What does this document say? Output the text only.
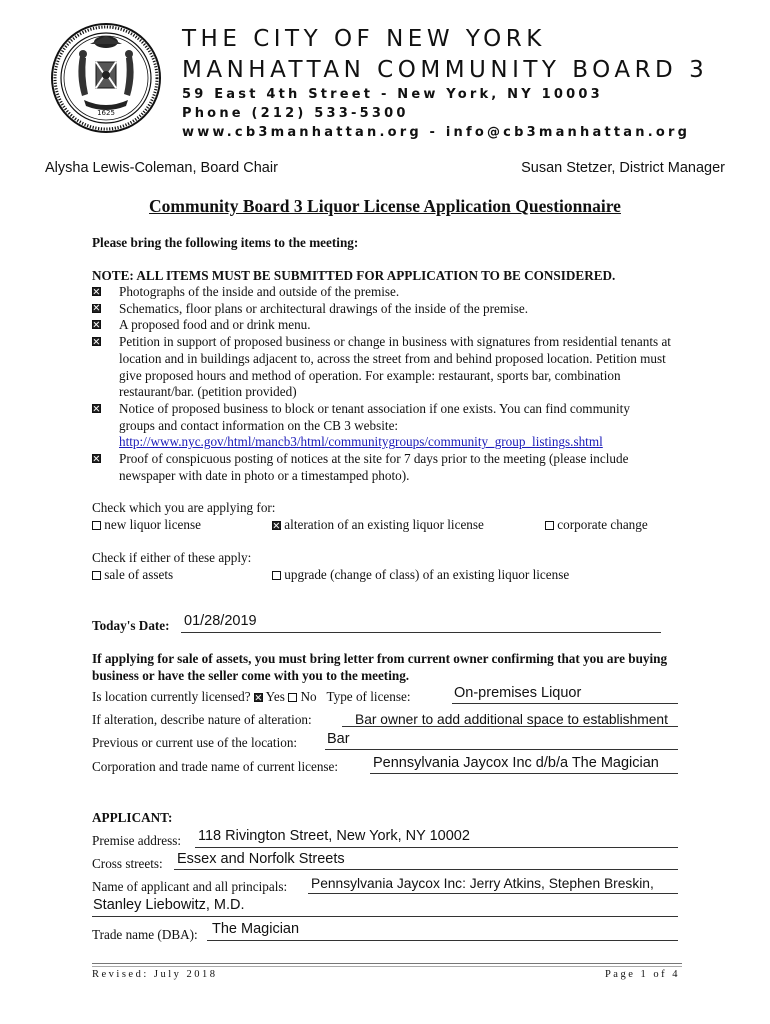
1625
THE CITY OF NEW YORK
MANHATTAN COMMUNITY BOARD 3
59 East 4th Street - New York, NY 10003
Phone (212) 533-5300
www.cb3manhattan.org - info@cb3manhattan.org
Alysha Lewis-Coleman, Board Chair	Susan Stetzer, District Manager
Community Board 3 Liquor License Application Questionnaire
Please bring the following items to the meeting:
NOTE: ALL ITEMS MUST BE SUBMITTED FOR APPLICATION TO BE CONSIDERED.
Photographs of the inside and outside of the premise.
Schematics, floor plans or architectural drawings of the inside of the premise.
A proposed food and or drink menu.
Petition in support of proposed business or change in business with signatures from residential tenants at location and in buildings adjacent to, across the street from and behind proposed location. Petition must give proposed hours and method of operation. For example: restaurant, sports bar, combination restaurant/bar. (petition provided)
Notice of proposed business to block or tenant association if one exists. You can find community groups and contact information on the CB 3 website:
http://www.nyc.gov/html/mancb3/html/communitygroups/community_group_listings.shtml
Proof of conspicuous posting of notices at the site for 7 days prior to the meeting (please include newspaper with date in photo or a timestamped photo).
Check which you are applying for:
new liquor license	alteration of an existing liquor license	corporate change
Check if either of these apply:
sale of assets	upgrade (change of class) of an existing liquor license
Today's Date: 01/28/2019
If applying for sale of assets, you must bring letter from current owner confirming that you are buying business or have the seller come with you to the meeting.
Is location currently licensed? Yes No Type of license:	On-premises Liquor
If alteration, describe nature of alteration:	Bar owner to add additional space to establishment
Previous or current use of the location: Bar
Corporation and trade name of current license: Pennsylvania Jaycox Inc d/b/a The Magician
APPLICANT:
Premise address: 118 Rivington Street, New York, NY 10002
Cross streets: Essex and Norfolk Streets
Name of applicant and all principals: Pennsylvania Jaycox Inc: Jerry Atkins, Stephen Breskin,
Stanley Liebowitz, M.D.
Trade name (DBA): The Magician
Revised: July 2018	Page 1 of 4
